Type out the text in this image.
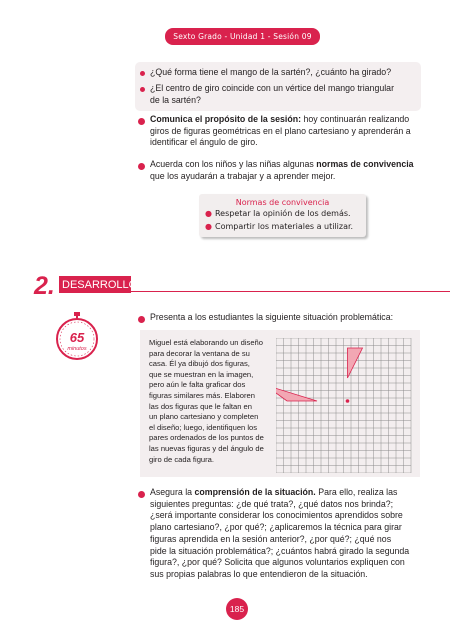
Sexto Grado - Unidad 1 - Sesión 09
¿Qué forma tiene el mango de la sartén?, ¿cuánto ha girado?
¿El centro de giro coincide con un vértice del mango triangular
de la sartén?
Comunica el propósito de la sesión: hoy continuarán realizando
giros de figuras geométricas en el plano cartesiano y aprenderán a
identificar el ángulo de giro.
Acuerda con los niños y las niñas algunas normas de convivencia
que los ayudarán a trabajar y a aprender mejor.
Normas de convivencia
● Respetar la opinión de los demás.
● Compartir los materiales a utilizar.
2. DESARROLLO
65
minutos
Presenta a los estudiantes la siguiente situación problemática:
Miguel está elaborando un diseño
para decorar la ventana de su
casa. Él ya dibujó dos figuras,
que se muestran en la imagen,
pero aún le falta graficar dos
figuras similares más. Elaboren
las dos figuras que le faltan en
un plano cartesiano y completen
el diseño; luego, identifiquen los
pares ordenados de los puntos de
las nuevas figuras y del ángulo de
giro de cada figura.
Asegura la comprensión de la situación. Para ello, realiza las
siguientes preguntas: ¿de qué trata?, ¿qué datos nos brinda?;
¿será importante considerar los conocimientos aprendidos sobre
plano cartesiano?, ¿por qué?; ¿aplicaremos la técnica para girar
figuras aprendida en la sesión anterior?, ¿por qué?; ¿qué nos
pide la situación problemática?; ¿cuántos habrá girado la segunda
figura?, ¿por qué? Solicita que algunos voluntarios expliquen con
sus propias palabras lo que entendieron de la situación.
185
